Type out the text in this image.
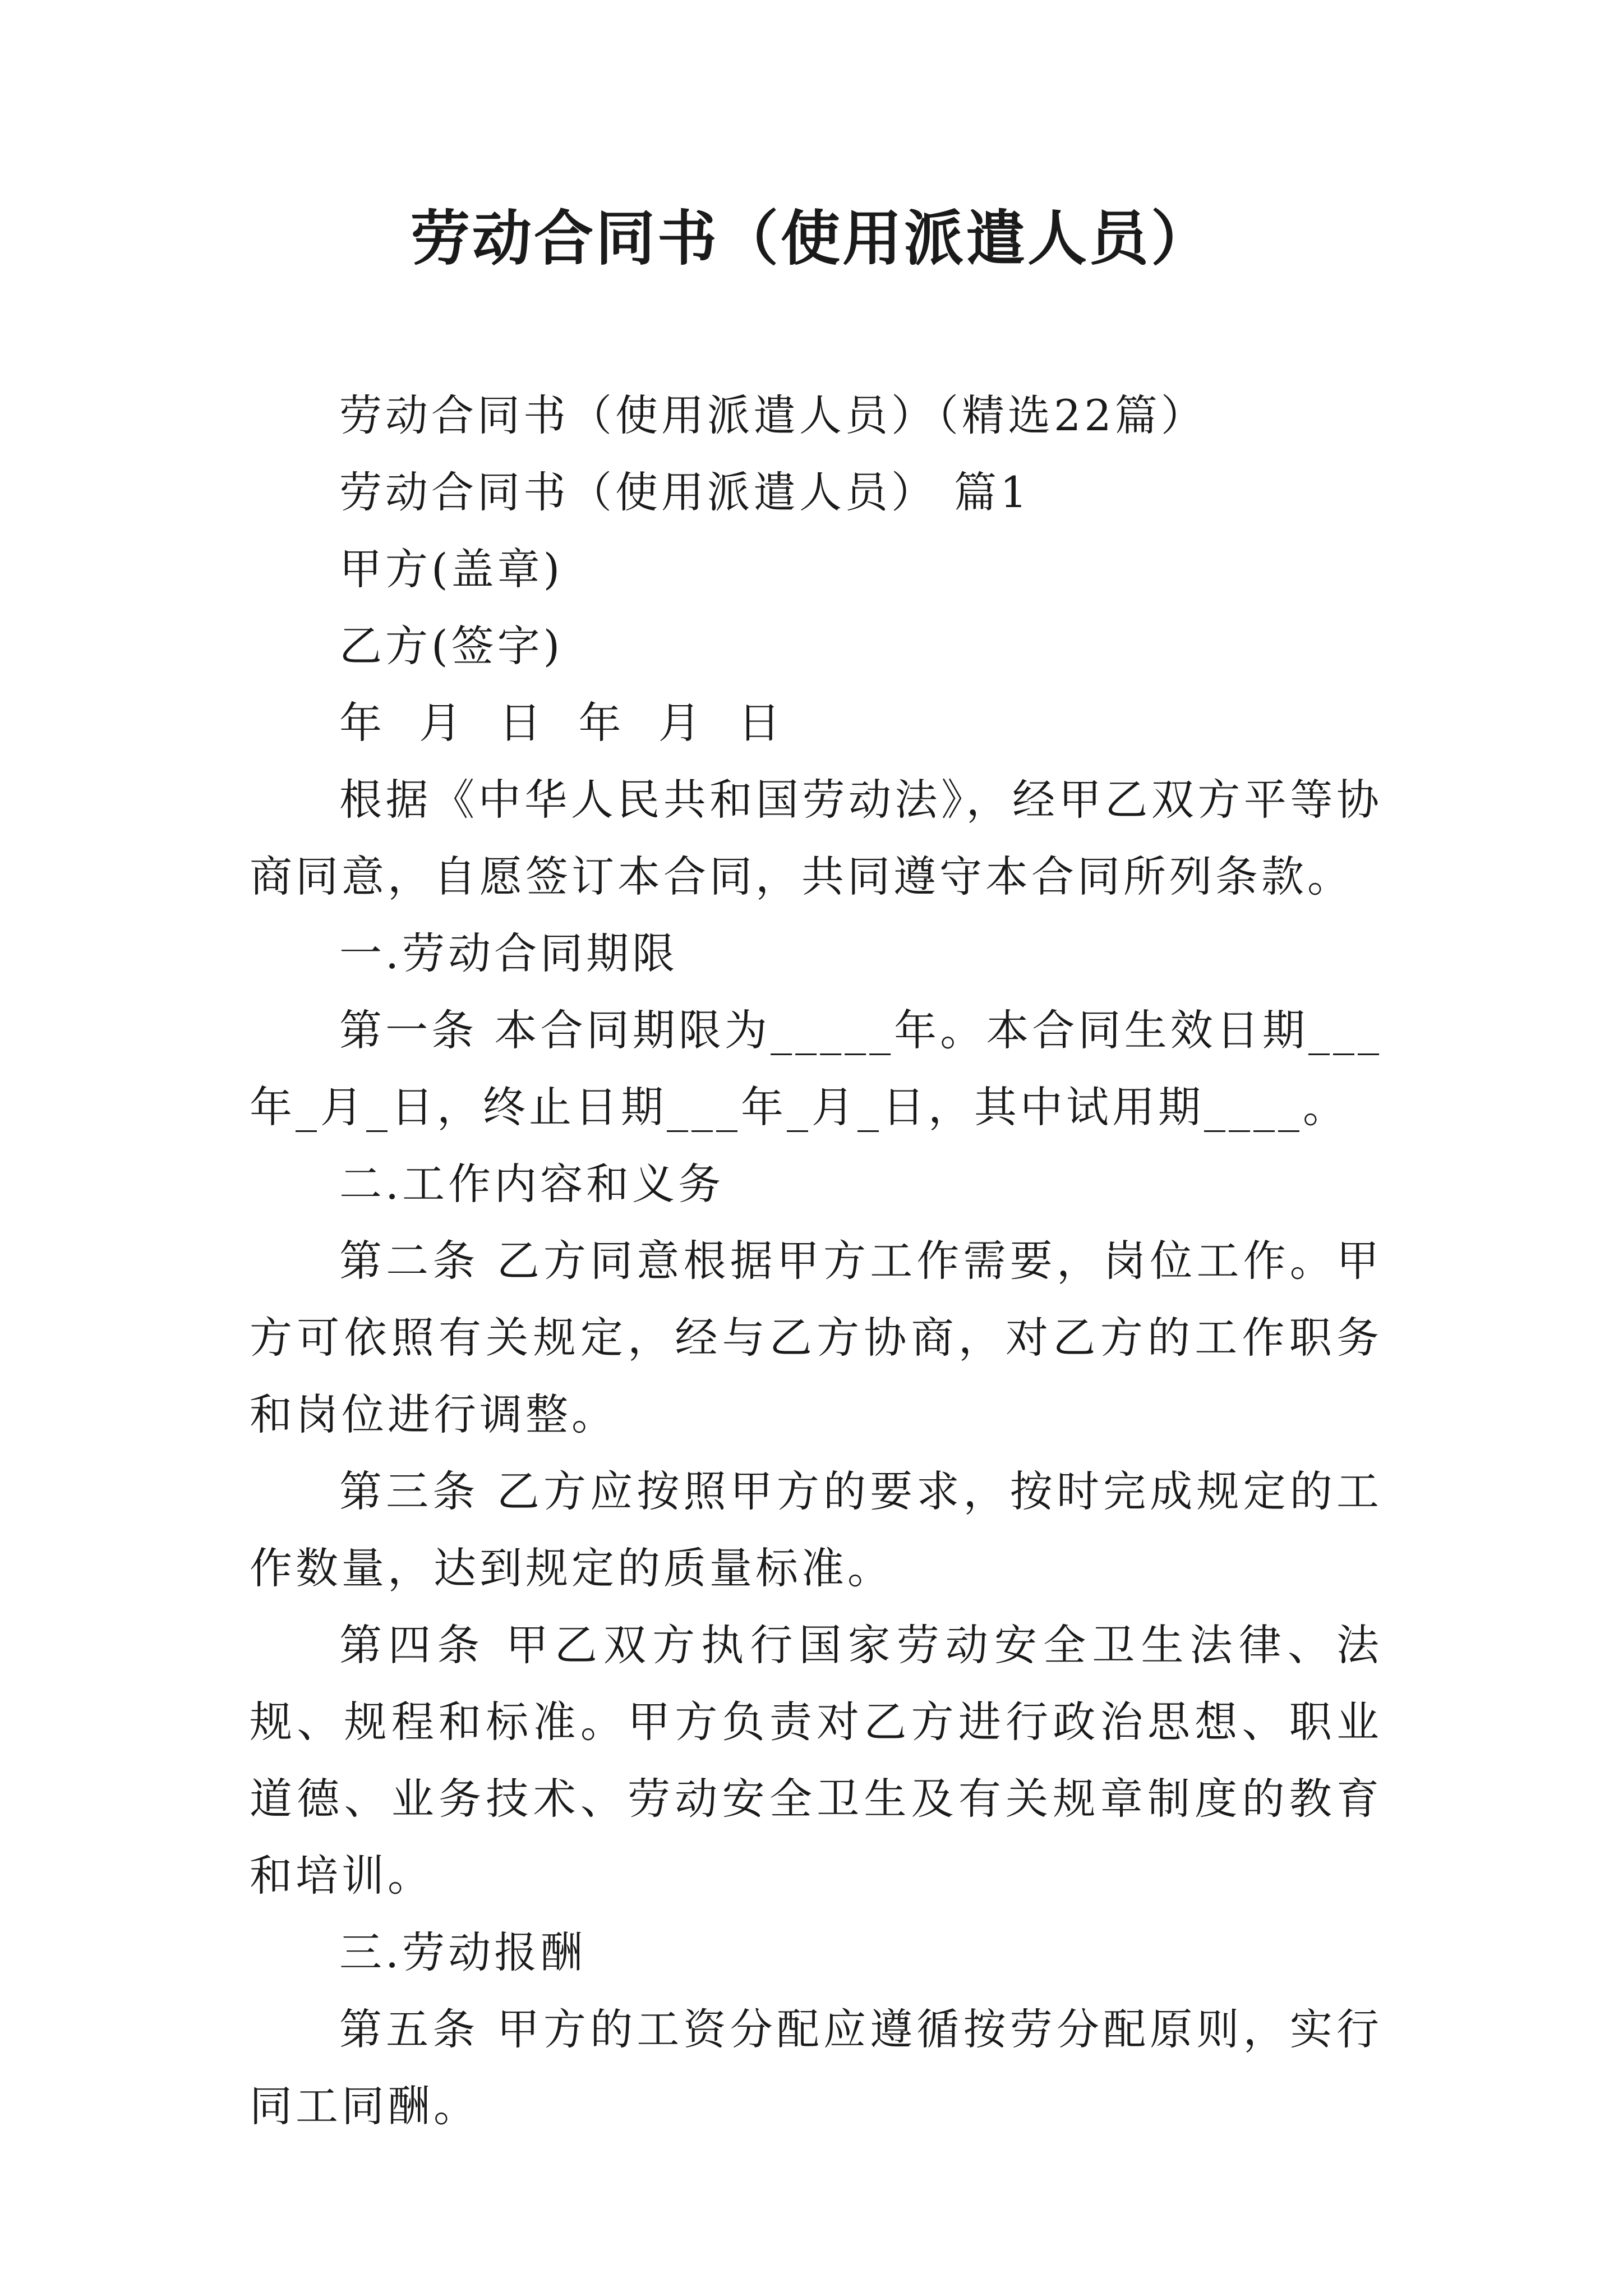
劳动合同书（使用派遣人员）

劳动合同书（使用派遣人员）（精选22篇）

劳动合同书（使用派遣人员） 篇1

甲方(盖章)

乙方(签字)

年 月 日 年 月 日

根据《中华人民共和国劳动法》，经甲乙双方平等协商同意，自愿签订本合同，共同遵守本合同所列条款。

一.劳动合同期限

第一条 本合同期限为_____年。本合同生效日期___年_月_日，终止日期___年_月_日，其中试用期____。

二.工作内容和义务

第二条 乙方同意根据甲方工作需要，岗位工作。甲方可依照有关规定，经与乙方协商，对乙方的工作职务和岗位进行调整。

第三条 乙方应按照甲方的要求，按时完成规定的工作数量，达到规定的质量标准。

第四条 甲乙双方执行国家劳动安全卫生法律、法规、规程和标准。甲方负责对乙方进行政治思想、职业道德、业务技术、劳动安全卫生及有关规章制度的教育和培训。

三.劳动报酬

第五条 甲方的工资分配应遵循按劳分配原则，实行同工同酬。
